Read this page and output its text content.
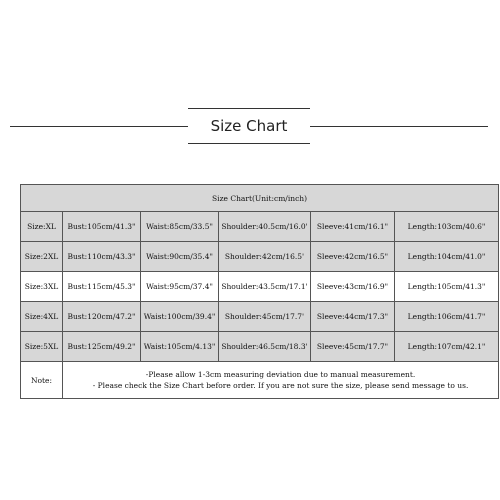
Size Chart
Size Chart(Unit:cm/inch)					
Size:XL	Bust:105cm/41.3"	Waist:85cm/33.5"	Shoulder:40.5cm/16.0'	Sleeve:41cm/16.1"	Length:103cm/40.6"
Size:2XL	Bust:110cm/43.3"	Waist:90cm/35.4"	Shoulder:42cm/16.5'	Sleeve:42cm/16.5"	Length:104cm/41.0"
Size:3XL	Bust:115cm/45.3"	Waist:95cm/37.4"	Shoulder:43.5cm/17.1'	Sleeve:43cm/16.9"	Length:105cm/41.3"
Size:4XL	Bust:120cm/47.2"	Waist:100cm/39.4"	Shoulder:45cm/17.7'	Sleeve:44cm/17.3"	Length:106cm/41.7"
Size:5XL	Bust:125cm/49.2"	Waist:105cm/4.13"	Shoulder:46.5cm/18.3'	Sleeve:45cm/17.7"	Length:107cm/42.1"
Note:	-Please allow 1-3cm measuring deviation due to manual measurement.
- Please check the Size Chart before order. If you are not sure the size, please send message to us.				
